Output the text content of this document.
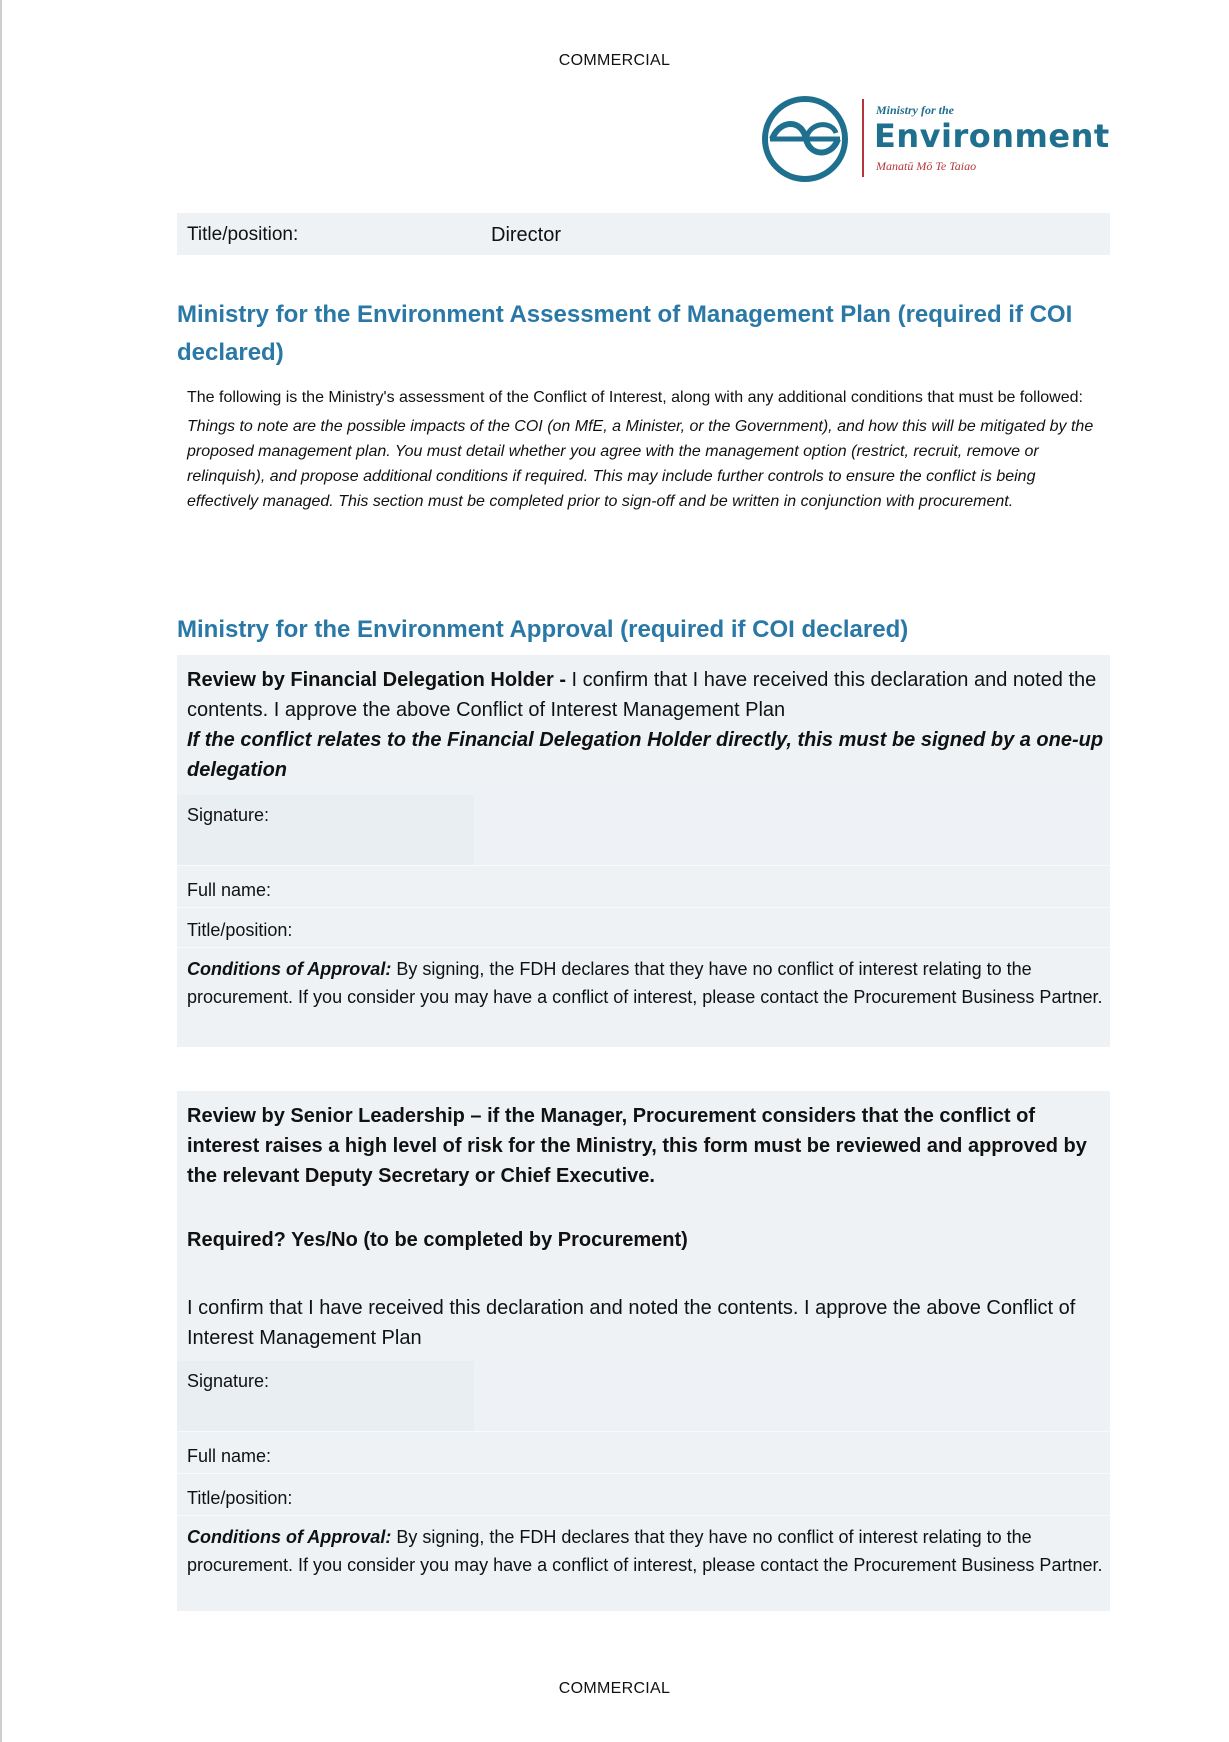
COMMERCIAL
Ministry for the
Environment
Manatū Mō Te Taiao
Title/position:	Director
Ministry for the Environment Assessment of Management Plan (required if COI declared)

The following is the Ministry's assessment of the Conflict of Interest, along with any additional conditions that must be followed:

Things to note are the possible impacts of the COI (on MfE, a Minister, or the Government), and how this will be mitigated by the proposed management plan. You must detail whether you agree with the management option (restrict, recruit, remove or relinquish), and propose additional conditions if required. This may include further controls to ensure the conflict is being effectively managed. This section must be completed prior to sign-off and be written in conjunction with procurement.

Ministry for the Environment Approval (required if COI declared)
Review by Financial Delegation Holder - I confirm that I have received this declaration and noted the contents. I approve the above Conflict of Interest Management Plan
If the conflict relates to the Financial Delegation Holder directly, this must be signed by a one-up delegation
Signature:
Full name:
Title/position:
Conditions of Approval: By signing, the FDH declares that they have no conflict of interest relating to the procurement. If you consider you may have a conflict of interest, please contact the Procurement Business Partner.
Review by Senior Leadership – if the Manager, Procurement considers that the conflict of interest raises a high level of risk for the Ministry, this form must be reviewed and approved by the relevant Deputy Secretary or Chief Executive.
Required? Yes/No (to be completed by Procurement)
I confirm that I have received this declaration and noted the contents. I approve the above Conflict of Interest Management Plan
Signature:
Full name:
Title/position:
Conditions of Approval: By signing, the FDH declares that they have no conflict of interest relating to the procurement. If you consider you may have a conflict of interest, please contact the Procurement Business Partner.
COMMERCIAL
